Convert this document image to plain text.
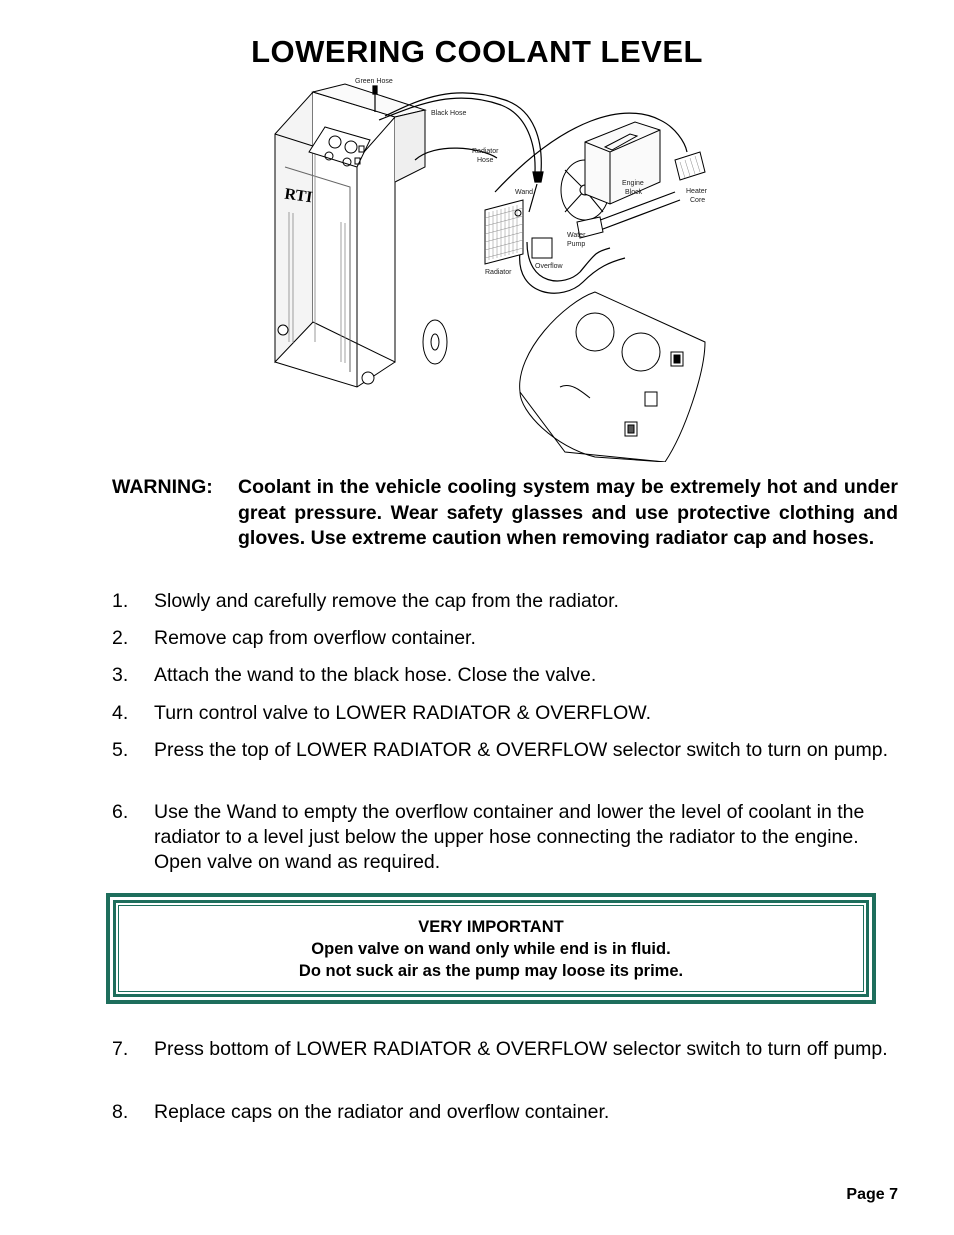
LOWERING COOLANT LEVEL
RTI
Green Hose
Black Hose
Radiator
Hose
Wand
Engine
Block	Heater
Core
Water
Pump
Radiator
Overflow
WARNING: Coolant in the vehicle cooling system may be extremely hot and under great pressure. Wear safety glasses and use protective clothing and gloves. Use extreme caution when removing radiator cap and hoses.
1. Slowly and carefully remove the cap from the radiator.
2. Remove cap from overflow container.
3. Attach the wand to the black hose. Close the valve.
4. Turn control valve to LOWER RADIATOR & OVERFLOW.
5. Press the top of LOWER RADIATOR & OVERFLOW selector switch to turn on pump.
6. Use the Wand to empty the overflow container and lower the level of coolant in the radiator to a level just below the upper hose connecting the radiator to the engine. Open valve on wand as required.
VERY IMPORTANT
Open valve on wand only while end is in fluid.
Do not suck air as the pump may loose its prime.
7. Press bottom of LOWER RADIATOR & OVERFLOW selector switch to turn off pump.
8. Replace caps on the radiator and overflow container.
Page 7
